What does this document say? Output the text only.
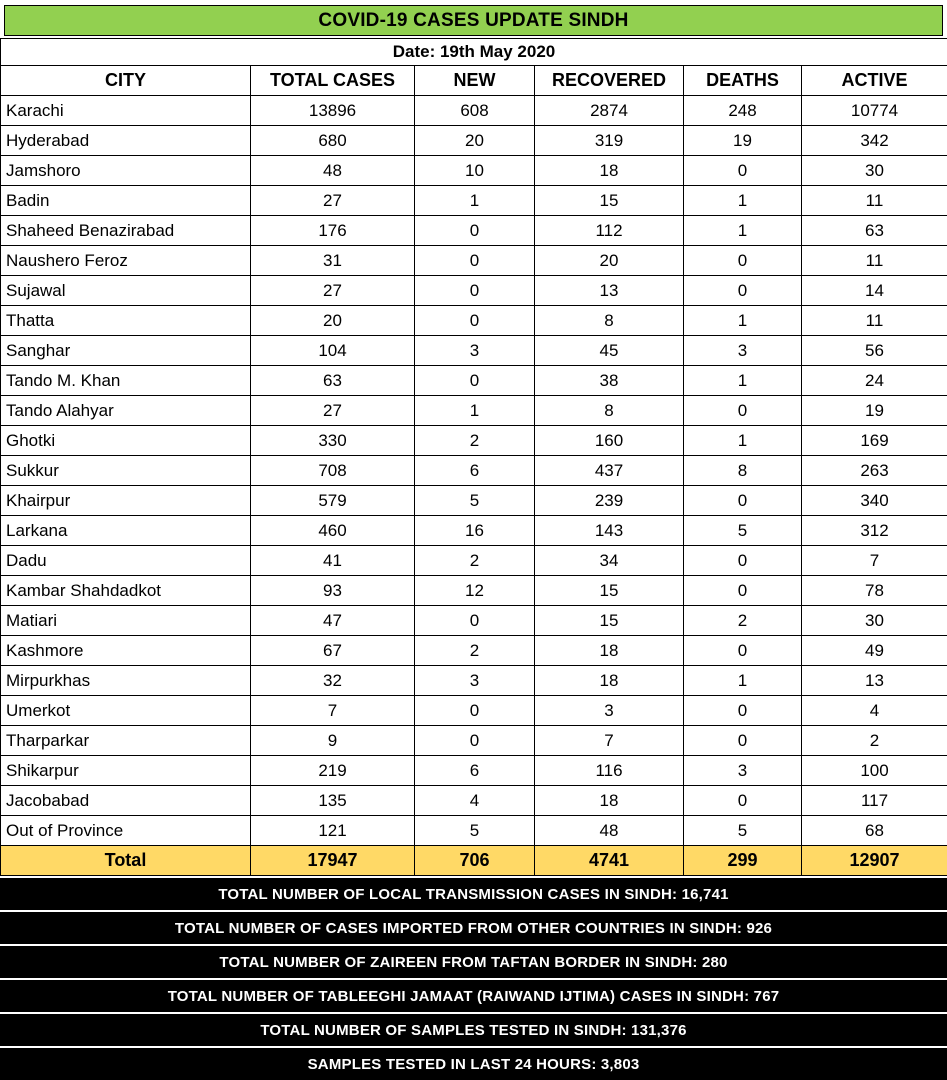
COVID-19 CASES UPDATE SINDH
Date: 19th May 2020					
CITY	TOTAL CASES	NEW	RECOVERED	DEATHS	ACTIVE
Karachi	13896	608	2874	248	10774
Hyderabad	680	20	319	19	342
Jamshoro	48	10	18	0	30
Badin	27	1	15	1	11
Shaheed Benazirabad	176	0	112	1	63
Naushero Feroz	31	0	20	0	11
Sujawal	27	0	13	0	14
Thatta	20	0	8	1	11
Sanghar	104	3	45	3	56
Tando M. Khan	63	0	38	1	24
Tando Alahyar	27	1	8	0	19
Ghotki	330	2	160	1	169
Sukkur	708	6	437	8	263
Khairpur	579	5	239	0	340
Larkana	460	16	143	5	312
Dadu	41	2	34	0	7
Kambar Shahdadkot	93	12	15	0	78
Matiari	47	0	15	2	30
Kashmore	67	2	18	0	49
Mirpurkhas	32	3	18	1	13
Umerkot	7	0	3	0	4
Tharparkar	9	0	7	0	2
Shikarpur	219	6	116	3	100
Jacobabad	135	4	18	0	117
Out of Province	121	5	48	5	68
Total	17947	706	4741	299	12907
TOTAL NUMBER OF LOCAL TRANSMISSION CASES IN SINDH: 16,741
TOTAL NUMBER OF CASES IMPORTED FROM OTHER COUNTRIES IN SINDH: 926
TOTAL NUMBER OF ZAIREEN FROM TAFTAN BORDER IN SINDH: 280
TOTAL NUMBER OF TABLEEGHI JAMAAT (RAIWAND IJTIMA) CASES IN SINDH: 767
TOTAL NUMBER OF SAMPLES TESTED IN SINDH: 131,376
SAMPLES TESTED IN LAST 24 HOURS: 3,803
